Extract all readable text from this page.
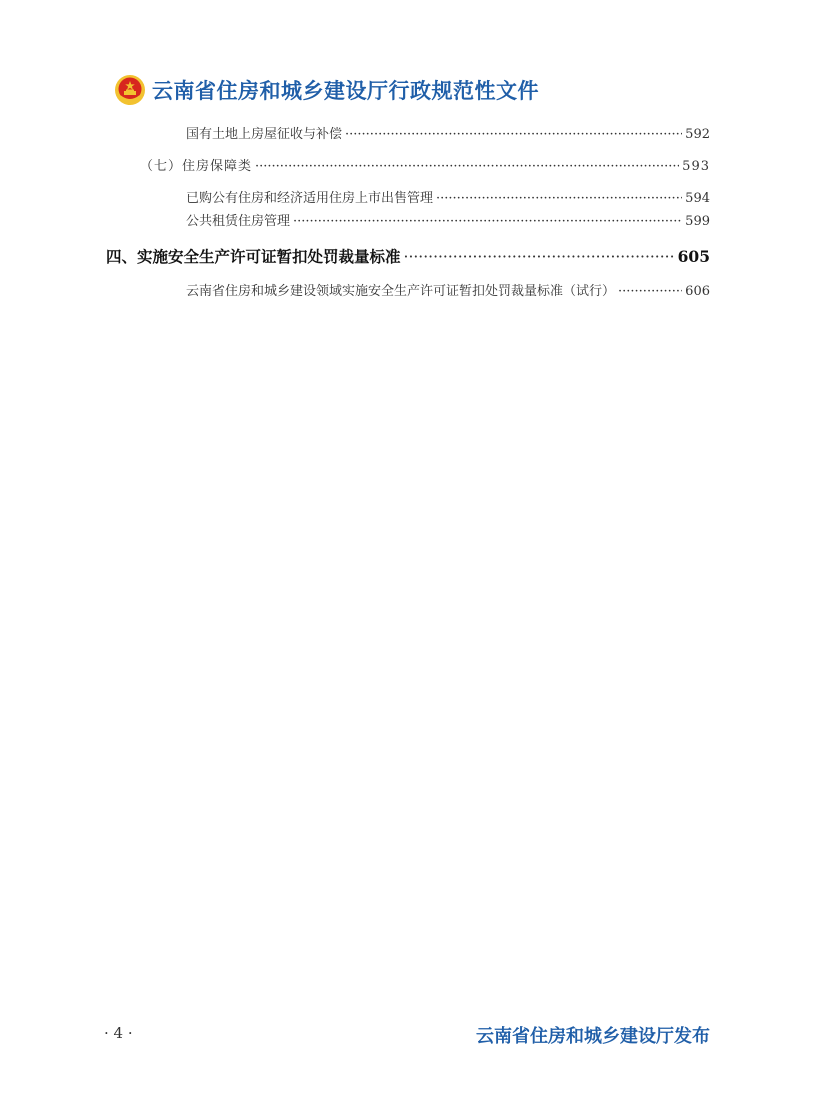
云南省住房和城乡建设厅行政规范性文件
国有土地上房屋征收与补偿 ·····	592
（七）住房保障类 ·····	593
已购公有住房和经济适用住房上市出售管理 ·····	594
公共租赁住房管理 ·····	599
四、实施安全生产许可证暂扣处罚裁量标准 ·····	605
云南省住房和城乡建设领域实施安全生产许可证暂扣处罚裁量标准（试行） ·····	606
· 4 ·	云南省住房和城乡建设厅发布
